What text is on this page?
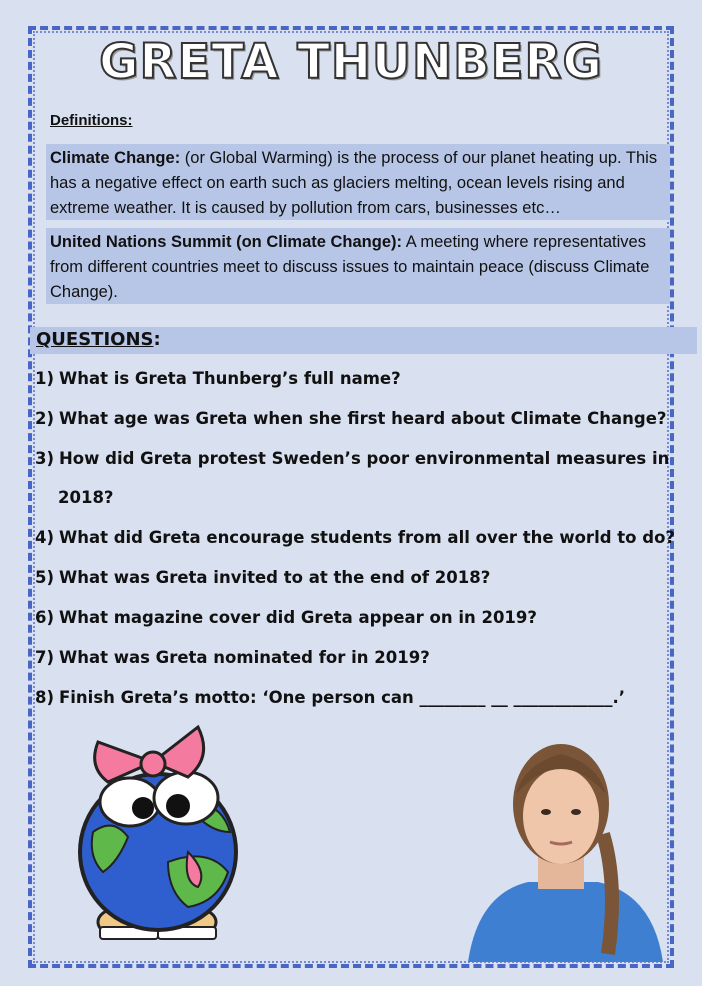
GRETA THUNBERG
Definitions:
Climate Change: (or Global Warming) is the process of our planet heating up. This has a negative effect on earth such as glaciers melting, ocean levels rising and extreme weather. It is caused by pollution from cars, businesses etc…
United Nations Summit (on Climate Change): A meeting where representatives from different countries meet to discuss issues to maintain peace (discuss Climate Change).
QUESTIONS:
1) What is Greta Thunberg’s full name?
2) What age was Greta when she first heard about Climate Change?
3) How did Greta protest Sweden’s poor environmental measures in
2018?
4) What did Greta encourage students from all over the world to do?
5) What was Greta invited to at the end of 2018?
6) What magazine cover did Greta appear on in 2019?
7) What was Greta nominated for in 2019?
8) Finish Greta’s motto: ‘One person can ________ __ ____________.’
